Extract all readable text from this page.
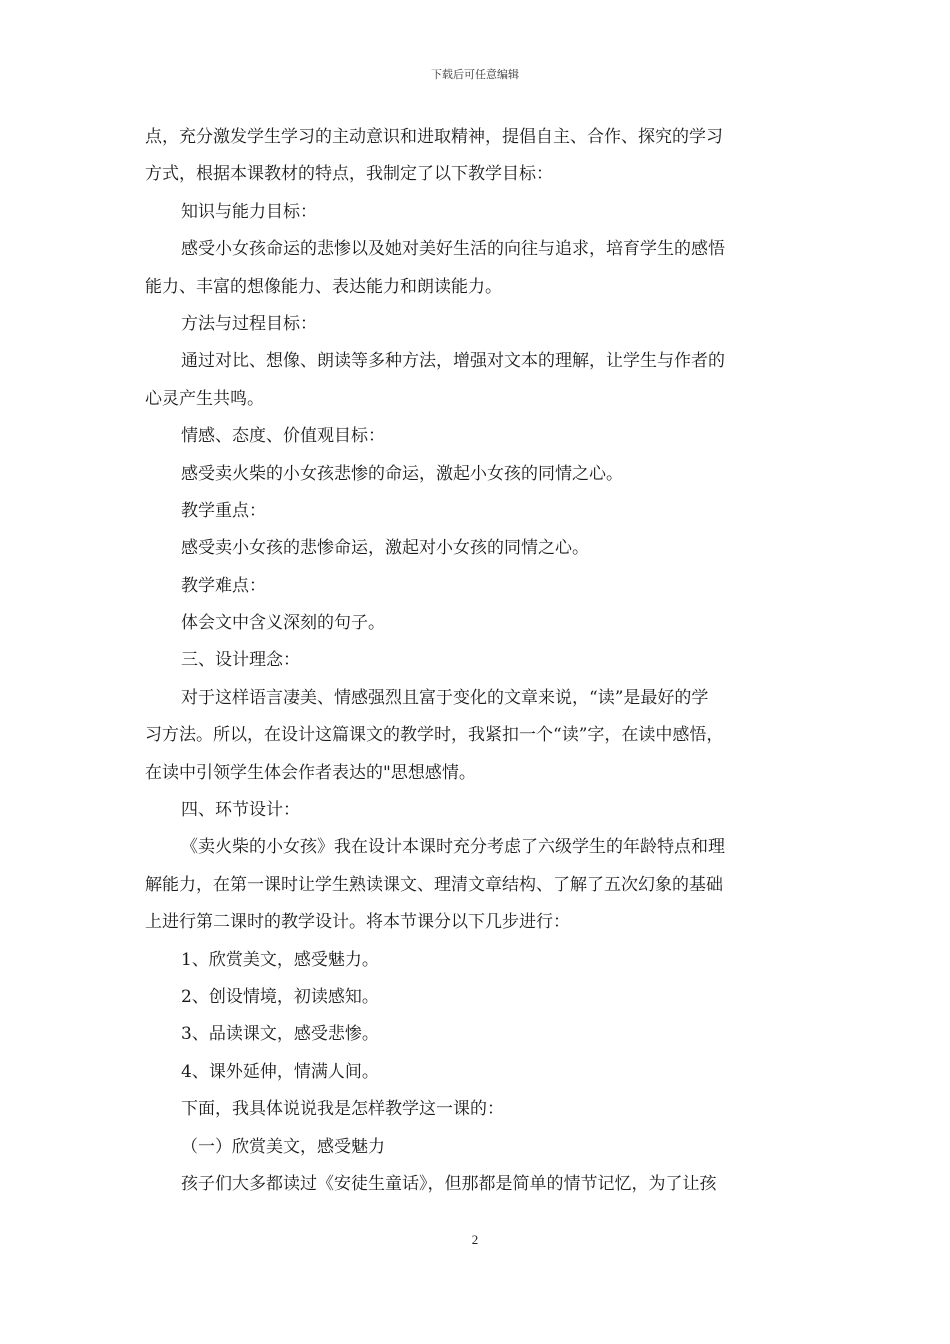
下载后可任意编辑
点，充分激发学生学习的主动意识和进取精神，提倡自主、合作、探究的学习
方式，根据本课教材的特点，我制定了以下教学目标：
知识与能力目标：
感受小女孩命运的悲惨以及她对美好生活的向往与追求，培育学生的感悟
能力、丰富的想像能力、表达能力和朗读能力。
方法与过程目标：
通过对比、想像、朗读等多种方法，增强对文本的理解，让学生与作者的
心灵产生共鸣。
情感、态度、价值观目标：
感受卖火柴的小女孩悲惨的命运，激起小女孩的同情之心。
教学重点：
感受卖小女孩的悲惨命运，激起对小女孩的同情之心。
教学难点：
体会文中含义深刻的句子。
三、设计理念：
对于这样语言凄美、情感强烈且富于变化的文章来说，“读”是最好的学
习方法。所以，在设计这篇课文的教学时，我紧扣一个“读”字，在读中感悟，
在读中引领学生体会作者表达的"思想感情。
四、环节设计：
《卖火柴的小女孩》我在设计本课时充分考虑了六级学生的年龄特点和理
解能力，在第一课时让学生熟读课文、理清文章结构、了解了五次幻象的基础
上进行第二课时的教学设计。将本节课分以下几步进行：
1、欣赏美文，感受魅力。
2、创设情境，初读感知。
3、品读课文，感受悲惨。
4、课外延伸，情满人间。
下面，我具体说说我是怎样教学这一课的：
（一）欣赏美文，感受魅力
孩子们大多都读过《安徒生童话》，但那都是简单的情节记忆，为了让孩
2
